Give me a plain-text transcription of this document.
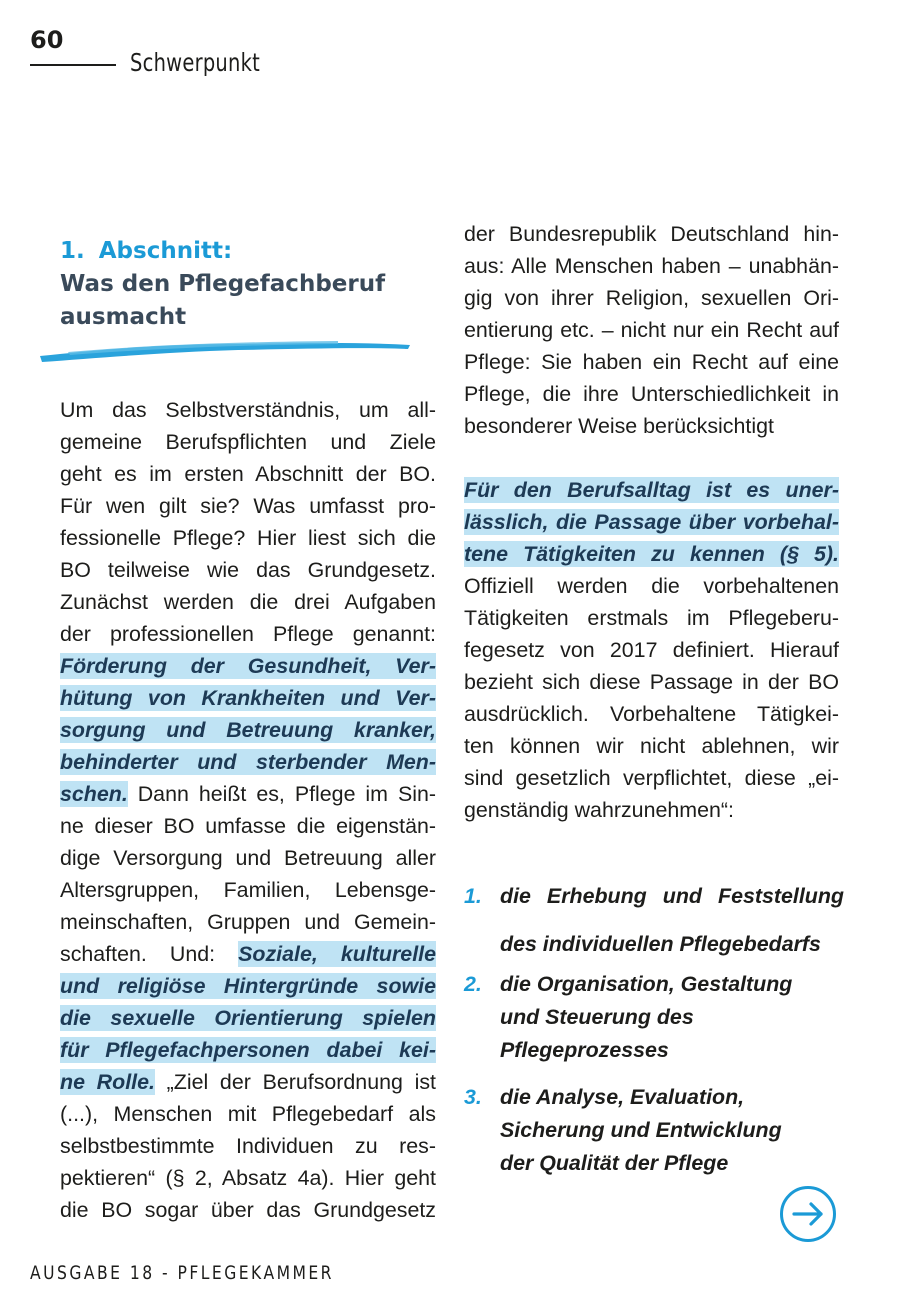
60
Schwerpunkt
1. Abschnitt:
Was den Pflegefachberuf
ausmacht
Um das Selbstverständnis, um all-
gemeine Berufspflichten und Ziele
geht es im ersten Abschnitt der BO.
Für wen gilt sie? Was umfasst pro-
fessionelle Pflege? Hier liest sich die
BO teilweise wie das Grundgesetz.
Zunächst werden die drei Aufgaben
der professionellen Pflege genannt:
Förderung der Gesundheit, Ver-
hütung von Krankheiten und Ver-
sorgung und Betreuung kranker,
behinderter und sterbender Men-
schen. Dann heißt es, Pflege im Sin-
ne dieser BO umfasse die eigenstän-
dige Versorgung und Betreuung aller
Altersgruppen, Familien, Lebensge-
meinschaften, Gruppen und Gemein-
schaften. Und: Soziale, kulturelle
und religiöse Hintergründe sowie
die sexuelle Orientierung spielen
für Pflegefachpersonen dabei kei-
ne Rolle. „Ziel der Berufsordnung ist
(...), Menschen mit Pflegebedarf als
selbstbestimmte Individuen zu res-
pektieren“ (§ 2, Absatz 4a). Hier geht
die BO sogar über das Grundgesetz
der Bundesrepublik Deutschland hin-
aus: Alle Menschen haben – unabhän-
gig von ihrer Religion, sexuellen Ori-
entierung etc. – nicht nur ein Recht auf
Pflege: Sie haben ein Recht auf eine
Pflege, die ihre Unterschiedlichkeit in
besonderer Weise berücksichtigt
Für den Berufsalltag ist es uner-
lässlich, die Passage über vorbehal-
tene Tätigkeiten zu kennen (§ 5).
Offiziell werden die vorbehaltenen
Tätigkeiten erstmals im Pflegeberu-
fegesetz von 2017 definiert. Hierauf
bezieht sich diese Passage in der BO
ausdrücklich. Vorbehaltene Tätigkei-
ten können wir nicht ablehnen, wir
sind gesetzlich verpflichtet, diese „ei-
genständig wahrzunehmen“:
1. die Erhebung und Feststellung
des individuellen Pflegebedarfs
2. die Organisation, Gestaltung
und Steuerung des
Pflegeprozesses
3. die Analyse, Evaluation,
Sicherung und Entwicklung
der Qualität der Pflege
AUSGABE 18 - PFLEGEKAMMER
